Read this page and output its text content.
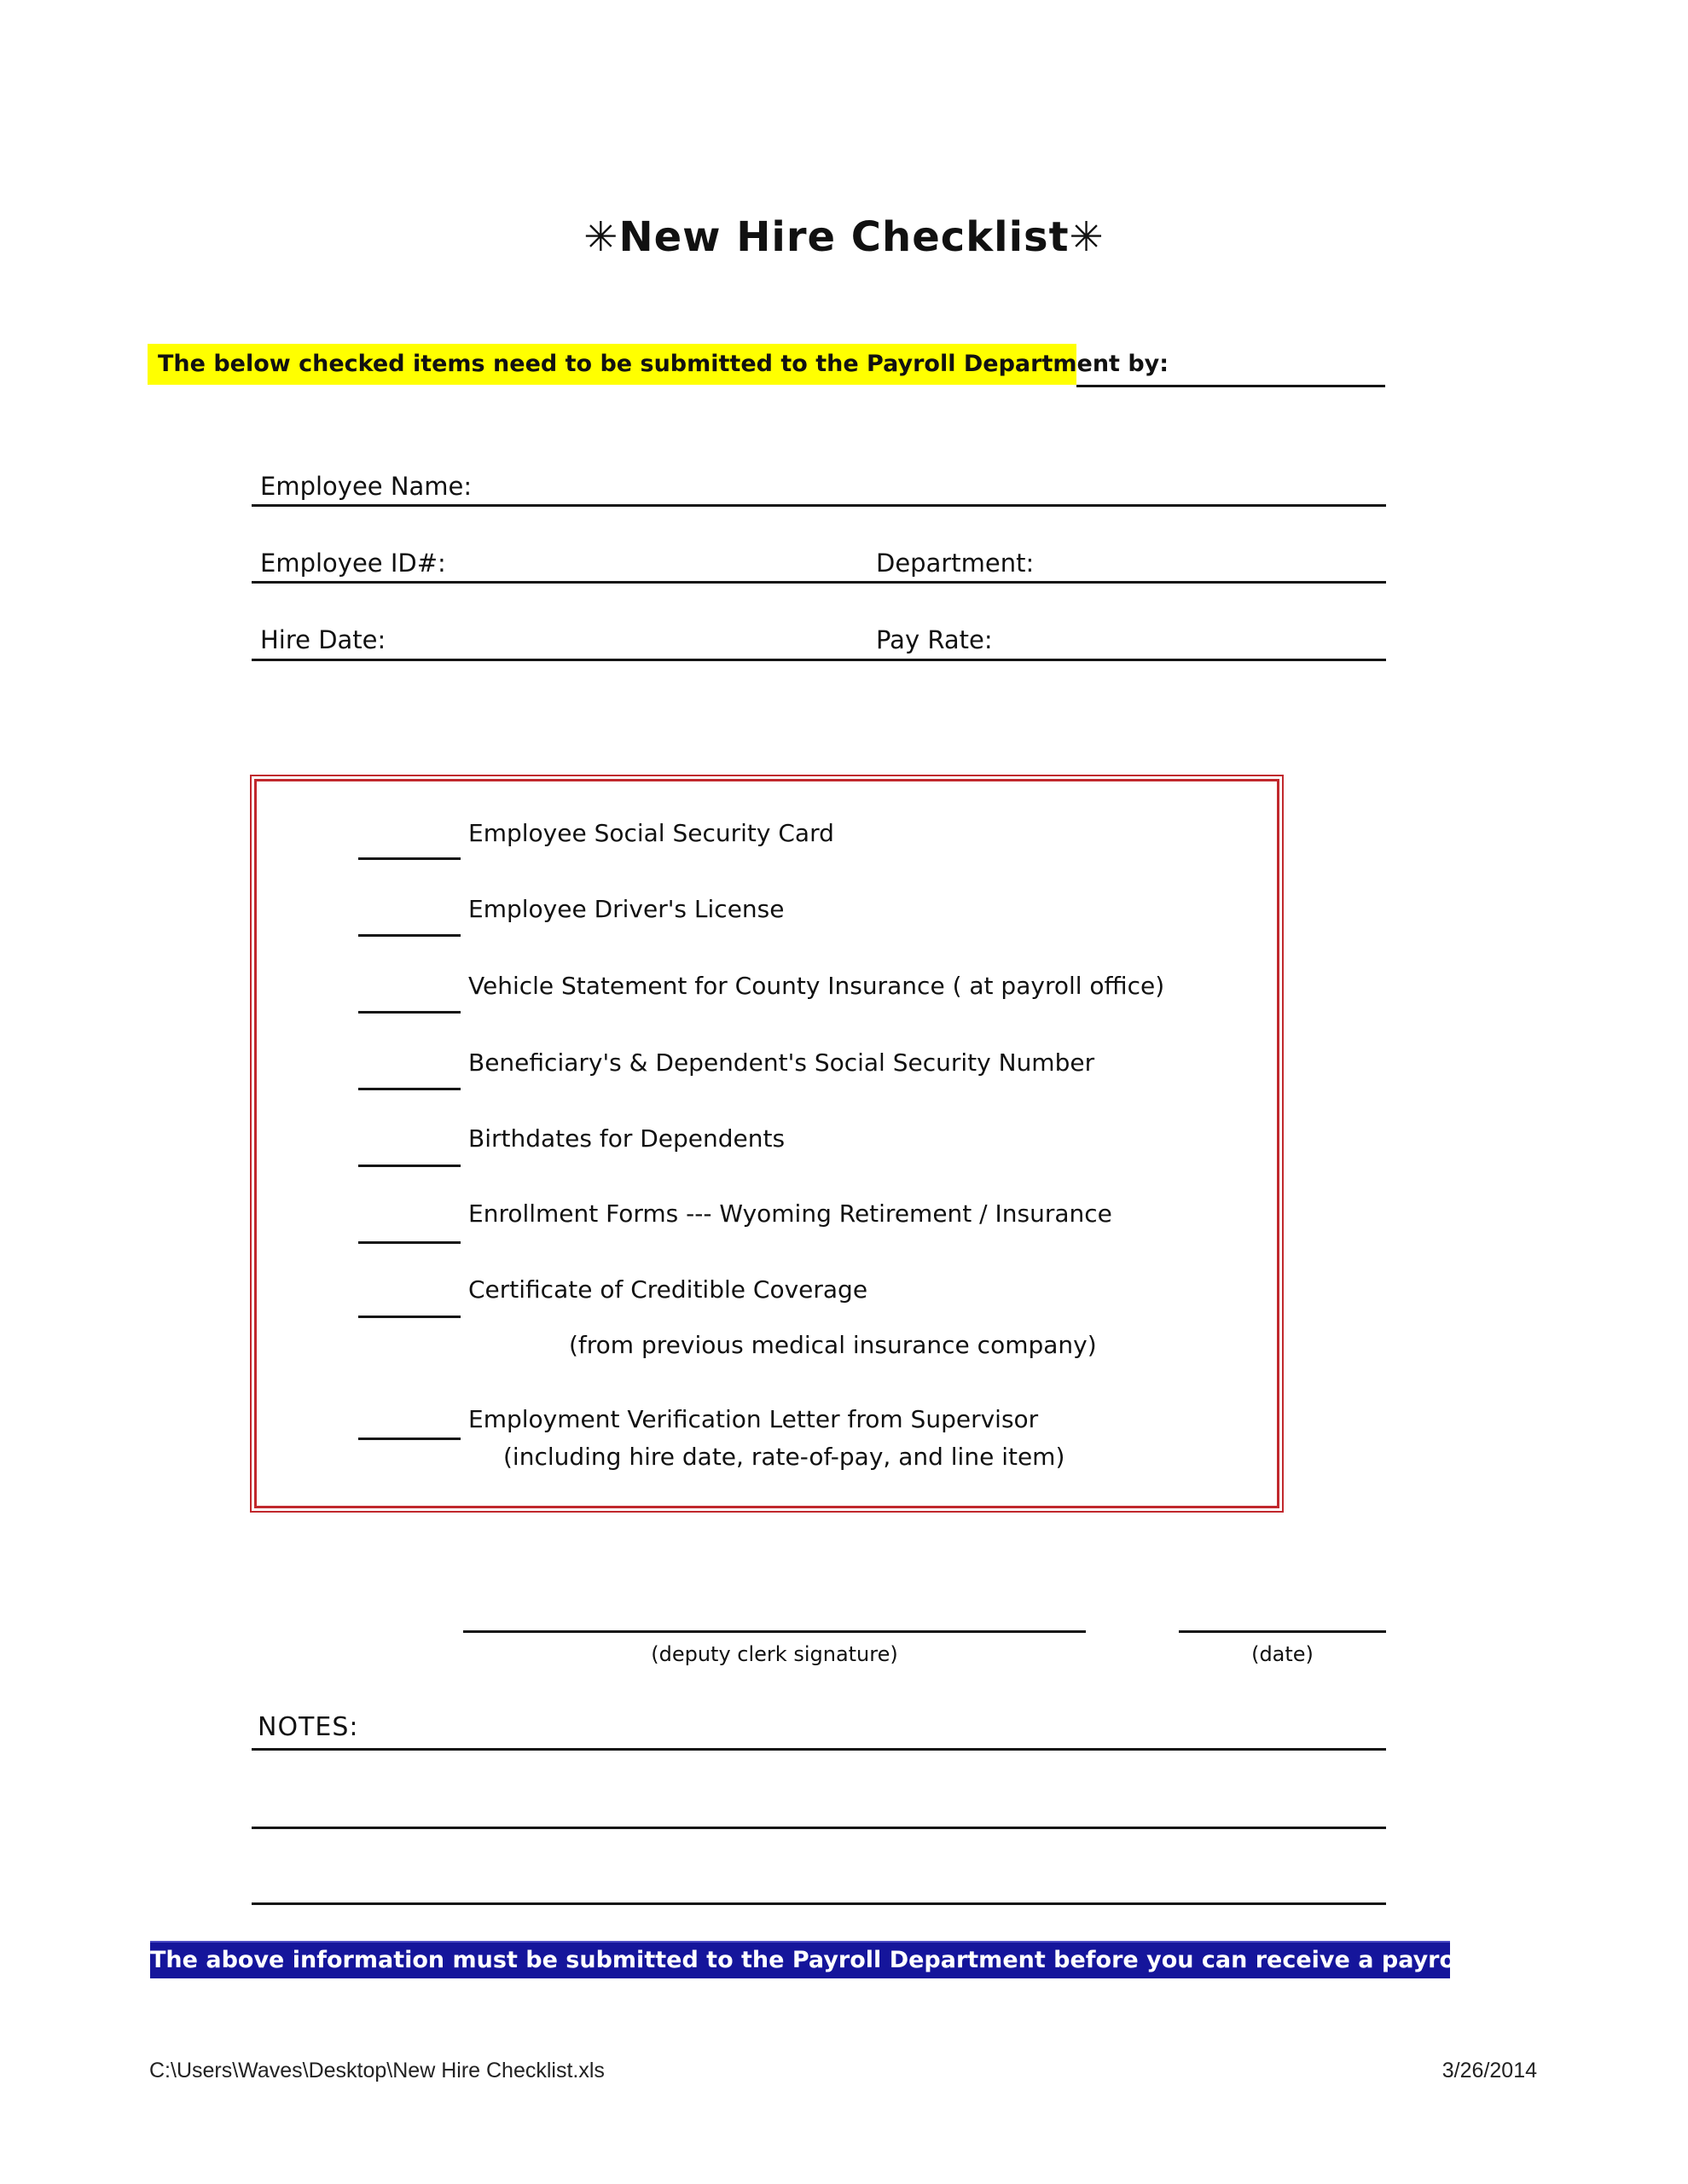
✳New Hire Checklist✳
The below checked items need to be submitted to the Payroll Department by:
Employee Name:
Employee ID#:	Department:
Hire Date:	Pay Rate:
Employee Social Security Card
Employee Driver's License
Vehicle Statement for County Insurance ( at payroll office)
Beneficiary's & Dependent's Social Security Number
Birthdates for Dependents
Enrollment Forms --- Wyoming Retirement / Insurance
Certificate of Creditible Coverage
(from previous medical insurance company)
Employment Verification Letter from Supervisor
(including hire date, rate-of-pay, and line item)
(deputy clerk signature)	(date)
NOTES:
The above information must be submitted to the Payroll Department before you can receive a payroll check.
C:\Users\Waves\Desktop\New Hire Checklist.xls	3/26/2014
